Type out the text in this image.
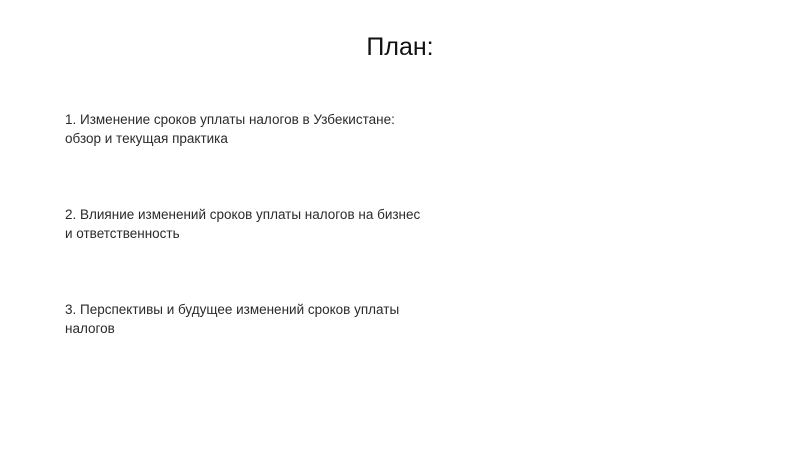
План:
1. Изменение сроков уплаты налогов в Узбекистане: обзор и текущая практика
2. Влияние изменений сроков уплаты налогов на бизнес и ответственность
3. Перспективы и будущее изменений сроков уплаты налогов
